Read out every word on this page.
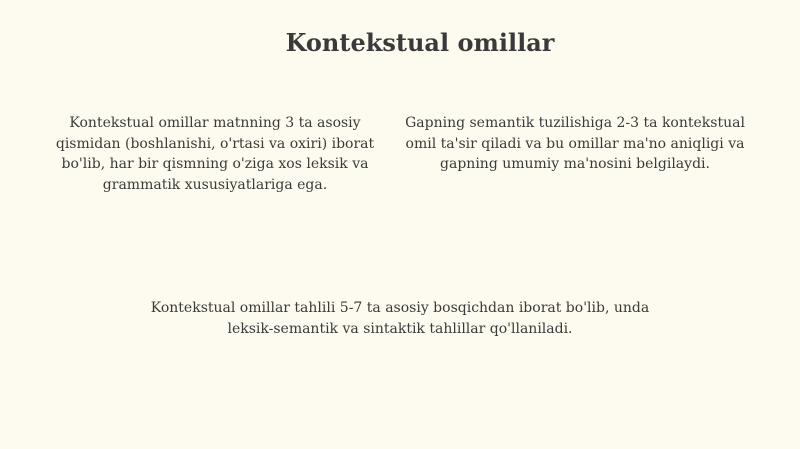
Kontekstual omillar

Kontekstual omillar matnning 3 ta asosiy qismidan (boshlanishi, o'rtasi va oxiri) iborat bo'lib, har bir qismning o'ziga xos leksik va grammatik xususiyatlariga ega.

Gapning semantik tuzilishiga 2-3 ta kontekstual omil ta'sir qiladi va bu omillar ma'no aniqligi va gapning umumiy ma'nosini belgilaydi.

Kontekstual omillar tahlili 5-7 ta asosiy bosqichdan iborat bo'lib, unda leksik-semantik va sintaktik tahlillar qo'llaniladi.
